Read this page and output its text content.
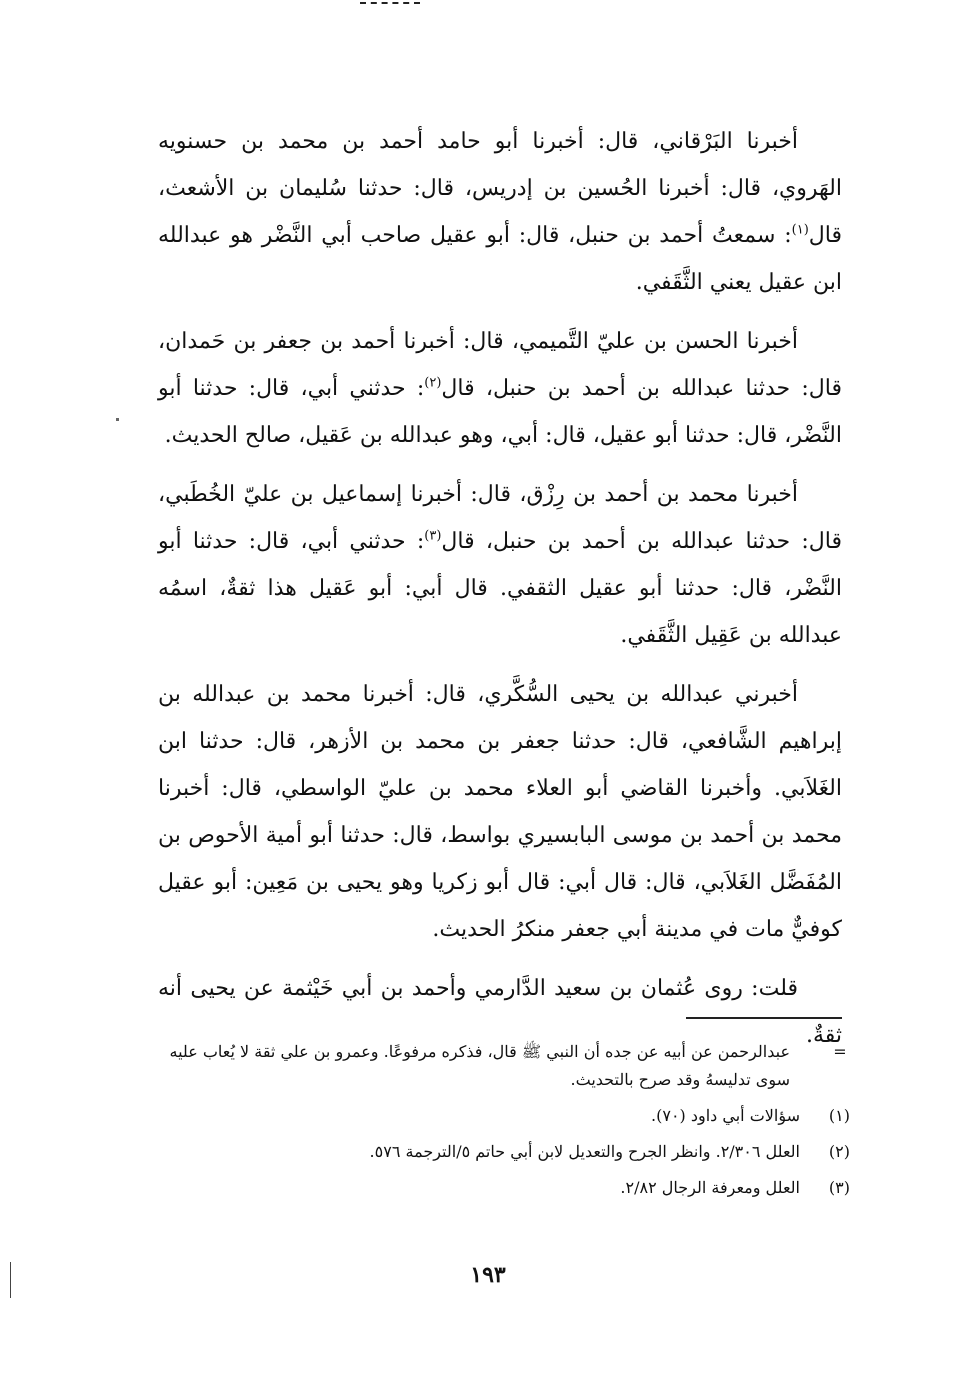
أخبرنا البَرْقاني، قال: أخبرنا أبو حامد أحمد بن محمد بن حسنويه الهَروي، قال: أخبرنا الحُسين بن إدريس، قال: حدثنا سُليمان بن الأشعث، قال$^{(١)}$: سمعتُ أحمد بن حنبل، قال: أبو عقيل صاحب أبي النَّضْر هو عبدالله ابن عقيل يعني الثَّقَفي.

أخبرنا الحسن بن عليّ التَّميمي، قال: أخبرنا أحمد بن جعفر بن حَمدان، قال: حدثنا عبدالله بن أحمد بن حنبل، قال$^{(٢)}$: حدثني أبي، قال: حدثنا أبو النَّضْر، قال: حدثنا أبو عقيل، قال: أبي، وهو عبدالله بن عَقيل، صالح الحديث.

أخبرنا محمد بن أحمد بن رِزْق، قال: أخبرنا إسماعيل بن عليّ الخُطَبي، قال: حدثنا عبدالله بن أحمد بن حنبل، قال$^{(٣)}$: حدثني أبي، قال: حدثنا أبو النَّضْر، قال: حدثنا أبو عقيل الثقفي. قال أبي: أبو عَقيل هذا ثقةٌ، اسمُه عبدالله بن عَقِيل الثَّقَفي.

أخبرني عبدالله بن يحيى السُّكَّري، قال: أخبرنا محمد بن عبدالله بن إبراهيم الشَّافعي، قال: حدثنا جعفر بن محمد بن الأزهر، قال: حدثنا ابن الغَلاَبي. وأخبرنا القاضي أبو العلاء محمد بن عليّ الواسطي، قال: أخبرنا محمد بن أحمد بن موسى البابسيري بواسط، قال: حدثنا أبو أمية الأحوص بن المُفَضَّل الغَلاَبي، قال: قال أبي: قال أبو زكريا وهو يحيى بن مَعِين: أبو عقيل كوفيٌّ مات في مدينة أبي جعفر منكرُ الحديث.

قلت: روى عُثمان بن سعيد الدَّارمي وأحمد بن أبي خَيْثمة عن يحيى أنه ثقةٌ.

=
عبدالرحمن عن أبيه عن جده أن النبي ﷺ قال، فذكره مرفوعًا. وعمرو بن علي ثقة لا يُعاب عليه سوى تدليسهُ وقد صرح بالتحديث.
(١)
سؤالات أبي داود (٧٠).
(٢)
العلل ٢/٣٠٦. وانظر الجرح والتعديل لابن أبي حاتم ٥/الترجمة ٥٧٦.
(٣)
العلل ومعرفة الرجال ٢/٨٢.
١٩٣
